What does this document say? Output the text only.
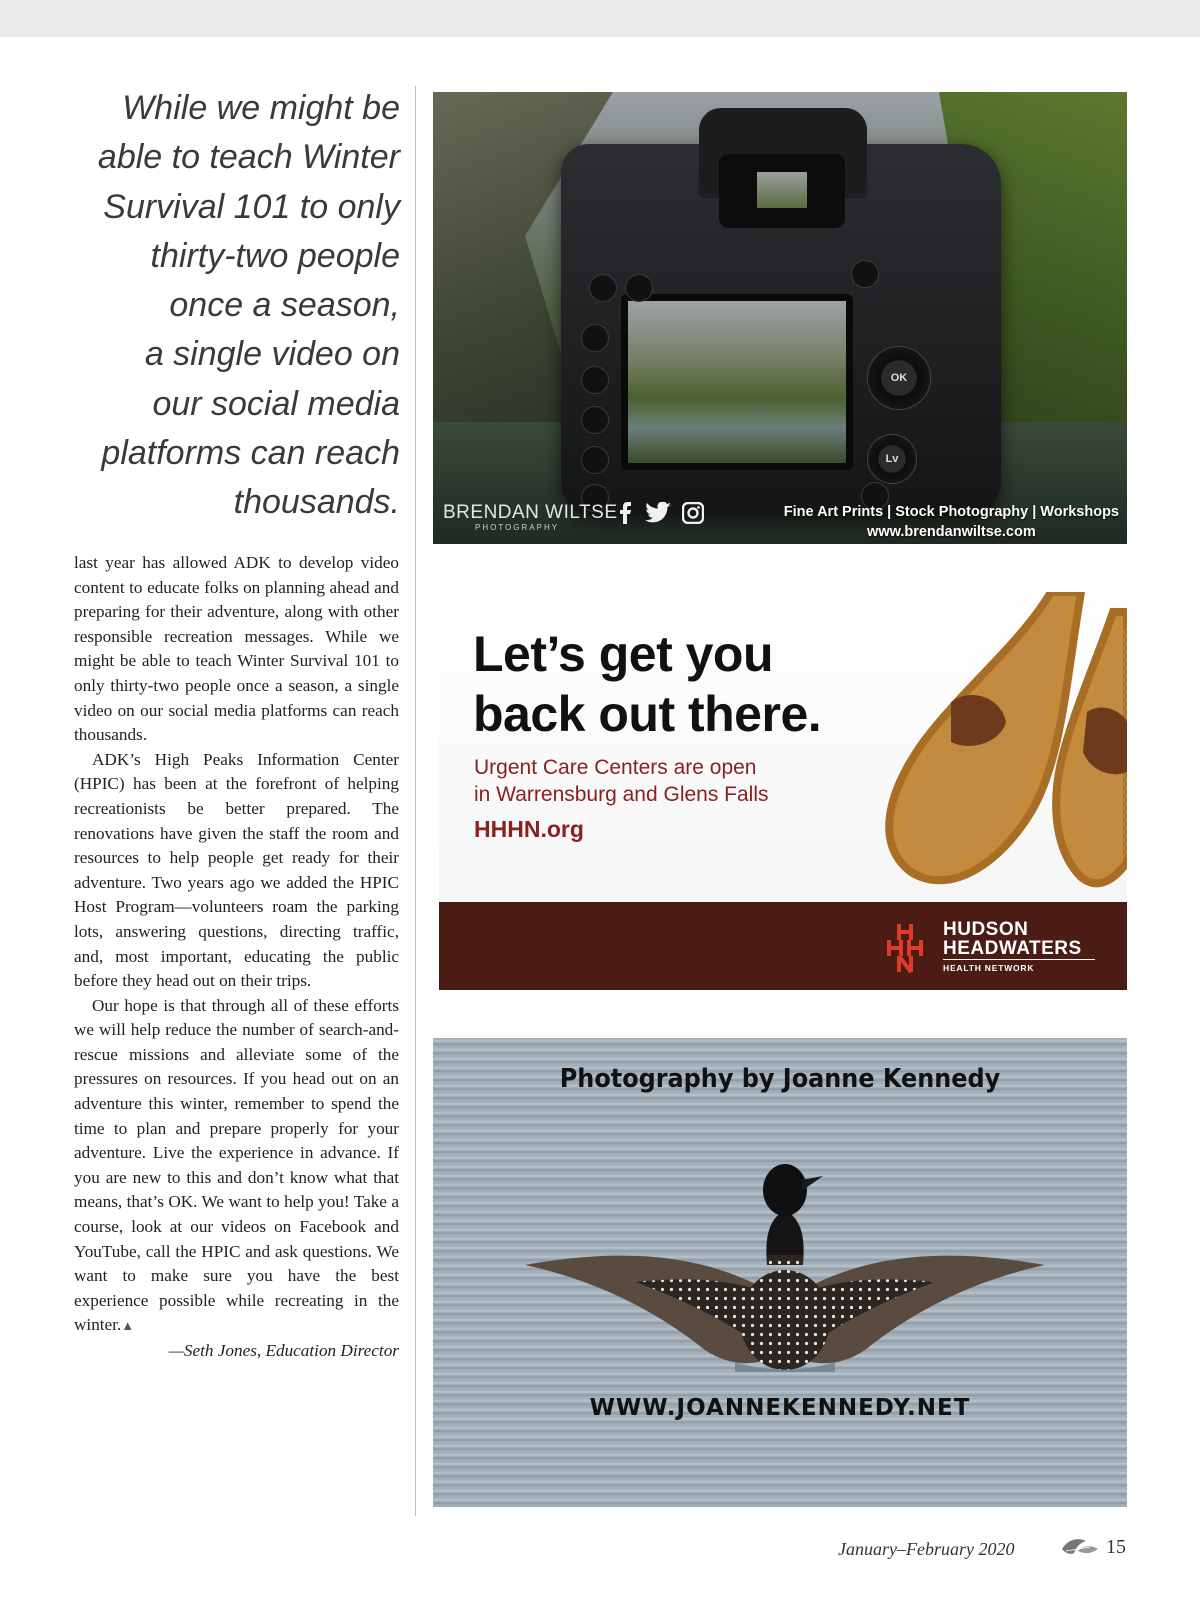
While we might be
able to teach Winter
Survival 101 to only
thirty-two people
once a season,
a single video on
our social media
platforms can reach
thousands.

last year has allowed ADK to develop video content to educate folks on planning ahead and preparing for their adventure, along with other responsible recreation messages. While we might be able to teach Winter Survival 101 to only thirty-two people once a season, a single video on our social media platforms can reach thousands.

ADK’s High Peaks Information Center (HPIC) has been at the forefront of helping recreationists be better prepared. The renovations have given the staff the room and resources to help people get ready for their adventure. Two years ago we added the HPIC Host Program—volunteers roam the parking lots, answering questions, directing traffic, and, most important, educating the public before they head out on their trips.

Our hope is that through all of these efforts we will help reduce the number of search-and-rescue missions and alleviate some of the pressures on resources. If you head out on an adventure this winter, remember to spend the time to plan and prepare properly for your adventure. Live the experience in advance. If you are new to this and don’t know what that means, that’s OK. We want to help you! Take a course, look at our videos on Facebook and YouTube, call the HPIC and ask questions. We want to make sure you have the best experience possible while recreating in the winter.▲

—Seth Jones, Education Director

OK
Lv
BRENDAN WILTSE
PHOTOGRAPHY

Fine Art Prints | Stock Photography | Workshops
www.brendanwiltse.com
Let’s get you
back out there.
Urgent Care Centers are open
in Warrensburg and Glens Falls
HHHN.org
HUDSON
HEADWATERS
HEALTH NETWORK
Photography by Joanne Kennedy
WWW.JOANNEKENNEDY.NET
January–February 2020	15
